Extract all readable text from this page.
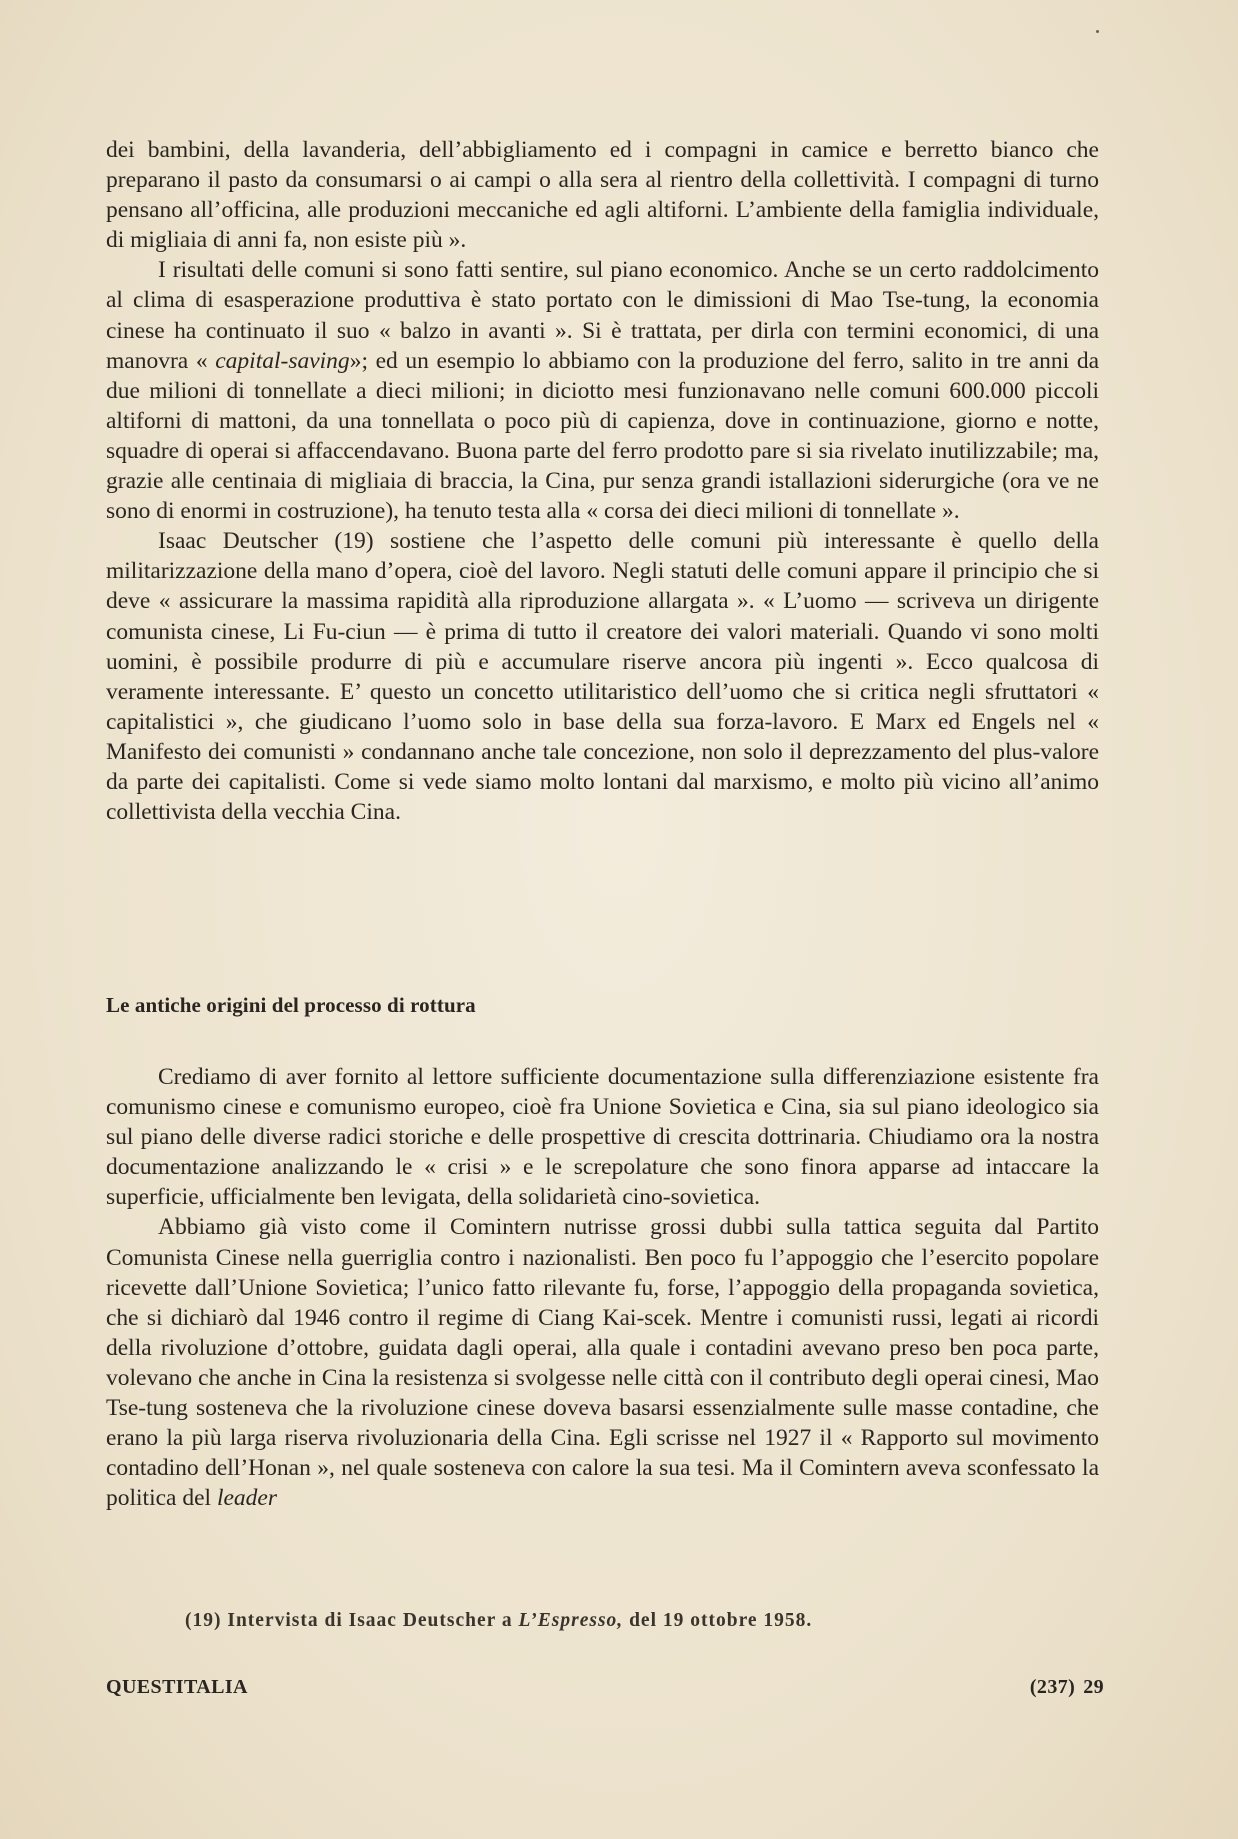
dei bambini, della lavanderia, dell’abbigliamento ed i compagni in camice e berretto bianco che preparano il pasto da consumarsi o ai campi o alla sera al rientro della collettività. I compagni di turno pensano all’officina, alle produzioni meccaniche ed agli altiforni. L’ambiente della famiglia individuale, di migliaia di anni fa, non esiste più ».

I risultati delle comuni si sono fatti sentire, sul piano economico. Anche se un certo raddolcimento al clima di esasperazione produttiva è stato portato con le dimissioni di Mao Tse-tung, la economia cinese ha continuato il suo « balzo in avanti ». Si è trattata, per dirla con termini economici, di una manovra « capital-saving»; ed un esempio lo abbiamo con la produzione del ferro, salito in tre anni da due milioni di tonnellate a dieci milioni; in diciotto mesi funzionavano nelle comuni 600.000 piccoli altiforni di mattoni, da una tonnellata o poco più di capienza, dove in continuazione, giorno e notte, squadre di operai si affaccendavano. Buona parte del ferro prodotto pare si sia rivelato inutilizzabile; ma, grazie alle centinaia di migliaia di braccia, la Cina, pur senza grandi istallazioni siderurgiche (ora ve ne sono di enormi in costruzione), ha tenuto testa alla « corsa dei dieci milioni di tonnellate ».

Isaac Deutscher (19) sostiene che l’aspetto delle comuni più interessante è quello della militarizzazione della mano d’opera, cioè del lavoro. Negli statuti delle comuni appare il principio che si deve « assicurare la massima rapidità alla riproduzione allargata ». « L’uomo — scriveva un dirigente comunista cinese, Li Fu-ciun — è prima di tutto il creatore dei valori materiali. Quando vi sono molti uomini, è possibile produrre di più e accumulare riserve ancora più ingenti ». Ecco qualcosa di veramente interessante. E’ questo un concetto utilitaristico dell’uomo che si critica negli sfruttatori « capitalistici », che giudicano l’uomo solo in base della sua forza-lavoro. E Marx ed Engels nel « Manifesto dei comunisti » condannano anche tale concezione, non solo il deprezzamento del plus-valore da parte dei capitalisti. Come si vede siamo molto lontani dal marxismo, e molto più vicino all’animo collettivista della vecchia Cina.

Le antiche origini del processo di rottura

Crediamo di aver fornito al lettore sufficiente documentazione sulla differenziazione esistente fra comunismo cinese e comunismo europeo, cioè fra Unione Sovietica e Cina, sia sul piano ideologico sia sul piano delle diverse radici storiche e delle prospettive di crescita dottrinaria. Chiudiamo ora la nostra documentazione analizzando le « crisi » e le screpolature che sono finora apparse ad intaccare la superficie, ufficialmente ben levigata, della solidarietà cino-sovietica.

Abbiamo già visto come il Comintern nutrisse grossi dubbi sulla tattica seguita dal Partito Comunista Cinese nella guerriglia contro i nazionalisti. Ben poco fu l’appoggio che l’esercito popolare ricevette dall’Unione Sovietica; l’unico fatto rilevante fu, forse, l’appoggio della propaganda sovietica, che si dichiarò dal 1946 contro il regime di Ciang Kai-scek. Mentre i comunisti russi, legati ai ricordi della rivoluzione d’ottobre, guidata dagli operai, alla quale i contadini avevano preso ben poca parte, volevano che anche in Cina la resistenza si svolgesse nelle città con il contributo degli operai cinesi, Mao Tse-tung sosteneva che la rivoluzione cinese doveva basarsi essenzialmente sulle masse contadine, che erano la più larga riserva rivoluzionaria della Cina. Egli scrisse nel 1927 il « Rapporto sul movimento contadino dell’Honan », nel quale sosteneva con calore la sua tesi. Ma il Comintern aveva sconfessato la politica del leader

(19) Intervista di Isaac Deutscher a L’Espresso, del 19 ottobre 1958.

QUESTITALIA	(237) 29
